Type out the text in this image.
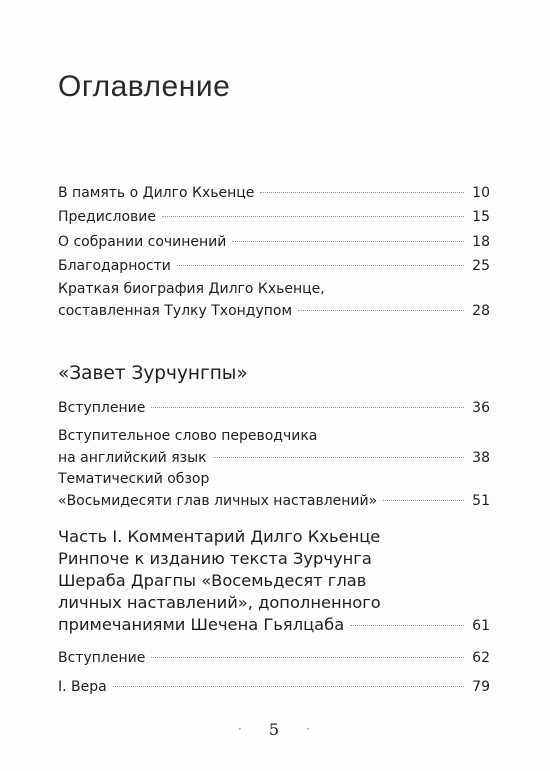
Оглавление
В память о Дилго Кхьенце	10
Предисловие	15
О собрании сочинений	18
Благодарности	25
Краткая биография Дилго Кхьенце,
составленная Тулку Тхондупом	28
«Завет Зурчунгпы»
Вступление	36
Вступительное слово переводчика
на английский язык	38
Тематический обзор
«Восьмидесяти глав личных наставлений»	51
Часть I. Комментарий Дилго Кхьенце
Ринпоче к изданию текста Зурчунга
Шераба Драгпы «Восемьдесят глав
личных наставлений», дополненного
примечаниями Шечена Гьялцаба	61
Вступление	62
I. Вера	79
· 5 ·
